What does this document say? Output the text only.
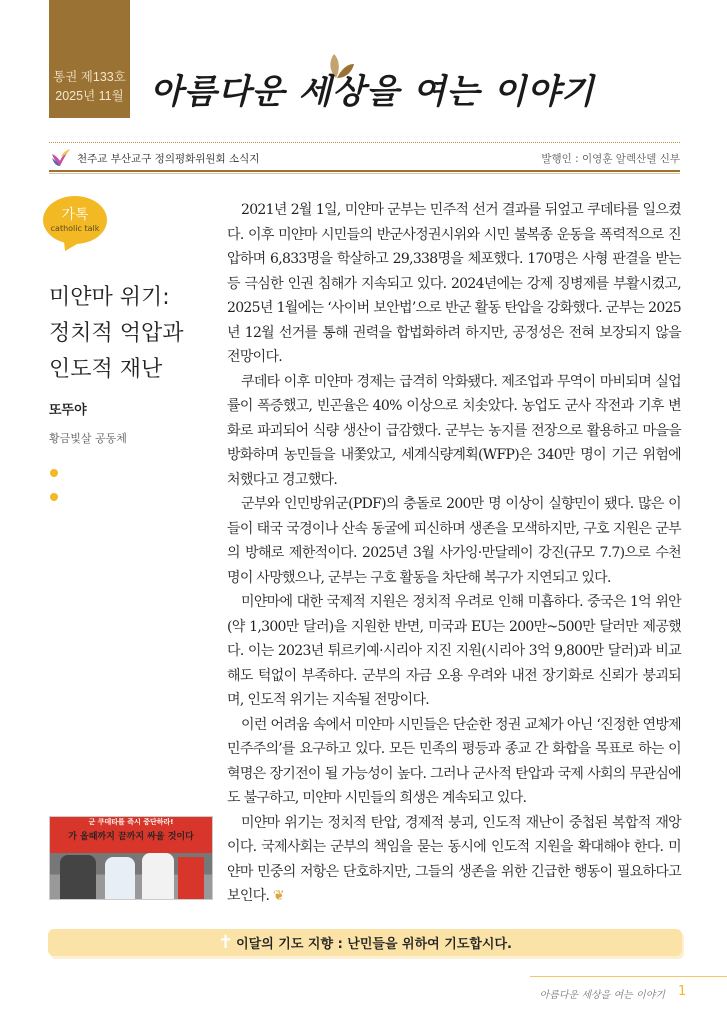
통권 제133호
2025년 11월 아름다운 세상을 여는 이야기
천주교 부산교구 정의평화위원회 소식지	발행인 : 이영훈 알렉산델 신부
가톡
catholic talk
미얀마 위기:
정치적 억압과
인도적 재난
또뚜야
황금빛살 공동체
군 쿠데타를 즉시 중단하라!
가 올때까지 끝까지 싸울 것이다

2021년 2월 1일, 미얀마 군부는 민주적 선거 결과를 뒤엎고 쿠데타를 일으켰다. 이후 미얀마 시민들의 반군사정권시위와 시민 불복종 운동을 폭력적으로 진압하며 6,833명을 학살하고 29,338명을 체포했다. 170명은 사형 판결을 받는 등 극심한 인권 침해가 지속되고 있다. 2024년에는 강제 징병제를 부활시켰고, 2025년 1월에는 ‘사이버 보안법’으로 반군 활동 탄압을 강화했다. 군부는 2025년 12월 선거를 통해 권력을 합법화하려 하지만, 공정성은 전혀 보장되지 않을 전망이다.

쿠데타 이후 미얀마 경제는 급격히 악화됐다. 제조업과 무역이 마비되며 실업률이 폭증했고, 빈곤율은 40% 이상으로 치솟았다. 농업도 군사 작전과 기후 변화로 파괴되어 식량 생산이 급감했다. 군부는 농지를 전장으로 활용하고 마을을 방화하며 농민들을 내쫓았고, 세계식량계획(WFP)은 340만 명이 기근 위험에 처했다고 경고했다.

군부와 인민방위군(PDF)의 충돌로 200만 명 이상이 실향민이 됐다. 많은 이들이 태국 국경이나 산속 동굴에 피신하며 생존을 모색하지만, 구호 지원은 군부의 방해로 제한적이다. 2025년 3월 사가잉·만달레이 강진(규모 7.7)으로 수천 명이 사망했으나, 군부는 구호 활동을 차단해 복구가 지연되고 있다.

미얀마에 대한 국제적 지원은 정치적 우려로 인해 미흡하다. 중국은 1억 위안(약 1,300만 달러)을 지원한 반면, 미국과 EU는 200만~500만 달러만 제공했다. 이는 2023년 튀르키예·시리아 지진 지원(시리아 3억 9,800만 달러)과 비교해도 턱없이 부족하다. 군부의 자금 오용 우려와 내전 장기화로 신뢰가 붕괴되며, 인도적 위기는 지속될 전망이다.

이런 어려움 속에서 미얀마 시민들은 단순한 정권 교체가 아닌 ‘진정한 연방제 민주주의’를 요구하고 있다. 모든 민족의 평등과 종교 간 화합을 목표로 하는 이 혁명은 장기전이 될 가능성이 높다. 그러나 군사적 탄압과 국제 사회의 무관심에도 불구하고, 미얀마 시민들의 희생은 계속되고 있다.

미얀마 위기는 정치적 탄압, 경제적 붕괴, 인도적 재난이 중첩된 복합적 재앙이다. 국제사회는 군부의 책임을 묻는 동시에 인도적 지원을 확대해야 한다. 미얀마 민중의 저항은 단호하지만, 그들의 생존을 위한 긴급한 행동이 필요하다고 보인다. ❦

✝ 이달의 기도 지향 : 난민들을 위하여 기도합시다.
아름다운 세상을 여는 이야기 1
